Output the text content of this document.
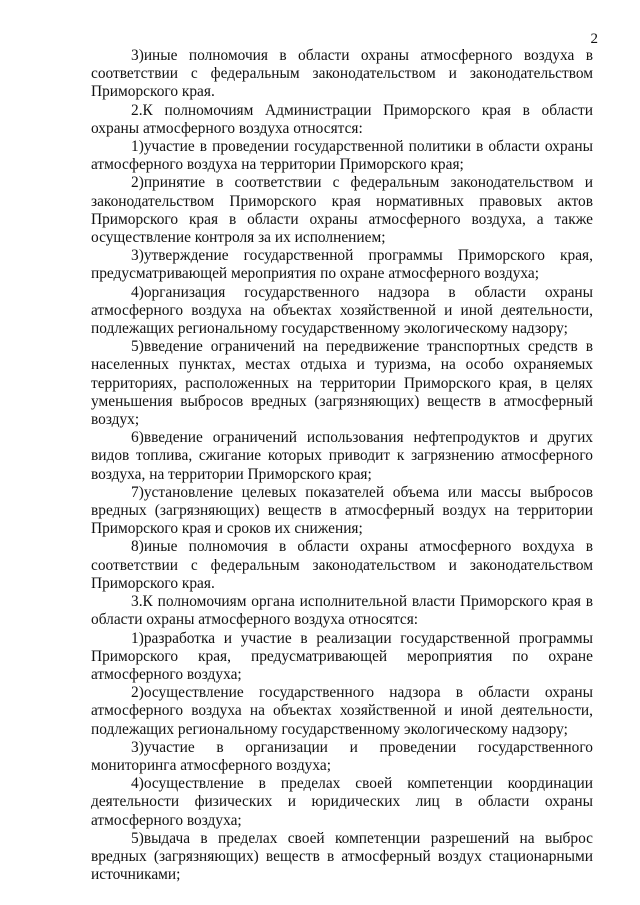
2

3)иные полномочия в области охраны атмосферного воздуха в соответствии с федеральным законодательством и законодательством Приморского края.

2.К полномочиям Администрации Приморского края в области охраны атмосферного воздуха относятся:

1)участие в проведении государственной политики в области охраны атмосферного воздуха на территории Приморского края;

2)принятие в соответствии с федеральным законодательством и законодательством Приморского края нормативных правовых актов Приморского края в области охраны атмосферного воздуха, а также осуществление контроля за их исполнением;

3)утверждение государственной программы Приморского края, предусматривающей мероприятия по охране атмосферного воздуха;

4)организация государственного надзора в области охраны атмосферного воздуха на объектах хозяйственной и иной деятельности, подлежащих региональному государственному экологическому надзору;

5)введение ограничений на передвижение транспортных средств в населенных пунктах, местах отдыха и туризма, на особо охраняемых территориях, расположенных на территории Приморского края, в целях уменьшения выбросов вредных (загрязняющих) веществ в атмосферный воздух;

6)введение ограничений использования нефтепродуктов и других видов топлива, сжигание которых приводит к загрязнению атмосферного воздуха, на территории Приморского края;

7)установление целевых показателей объема или массы выбросов вредных (загрязняющих) веществ в атмосферный воздух на территории Приморского края и сроков их снижения;

8)иные полномочия в области охраны атмосферного вохдуха в соответствии с федеральным законодательством и законодательством Приморского края.

3.К полномочиям органа исполнительной власти Приморского края в области охраны атмосферного воздуха относятся:

1)разработка и участие в реализации государственной программы Приморского края, предусматривающей мероприятия по охране атмосферного воздуха;

2)осуществление государственного надзора в области охраны атмосферного воздуха на объектах хозяйственной и иной деятельности, подлежащих региональному государственному экологическому надзору;

3)участие в организации и проведении государственного мониторинга атмосферного воздуха;

4)осуществление в пределах своей компетенции координации деятельности физических и юридических лиц в области охраны атмосферного воздуха;

5)выдача в пределах своей компетенции разрешений на выброс вредных (загрязняющих) веществ в атмосферный воздух стационарными источниками;
